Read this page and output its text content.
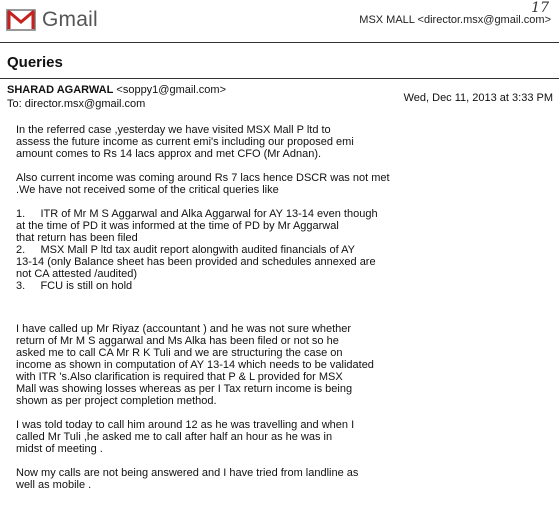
Gmail	17
MSX MALL <director.msx@gmail.com>
Queries
SHARAD AGARWAL <soppy1@gmail.com>
To: director.msx@gmail.com	Wed, Dec 11, 2013 at 3:33 PM

In the referred case ,yesterday we have visited MSX Mall P ltd to
assess the future income as current emi's including our proposed emi
amount comes to Rs 14 lacs approx and met CFO (Mr Adnan).

Also current income was coming around Rs 7 lacs hence DSCR was not met
.We have not received some of the critical queries like

1.     ITR of Mr M S Aggarwal and Alka Aggarwal for AY 13-14 even though
at the time of PD it was informed at the time of PD by Mr Aggarwal
that return has been filed
2.     MSX Mall P ltd tax audit report alongwith audited financials of AY
13-14 (only Balance sheet has been provided and schedules annexed are
not CA attested /audited)
3.     FCU is still on hold

I have called up Mr Riyaz (accountant ) and he was not sure whether
return of Mr M S aggarwal and Ms Alka has been filed or not so he
asked me to call CA Mr R K Tuli and we are structuring the case on
income as shown in computation of AY 13-14 which needs to be validated
with ITR 's.Also clarification is required that P & L provided for MSX
Mall was showing losses whereas as per I Tax return income is being
shown as per project completion method.

I was told today to call him around 12 as he was travelling and when I
called Mr Tuli ,he asked me to call after half an hour as he was in
midst of meeting .

Now my calls are not being answered and I have tried from landline as
well as mobile .
